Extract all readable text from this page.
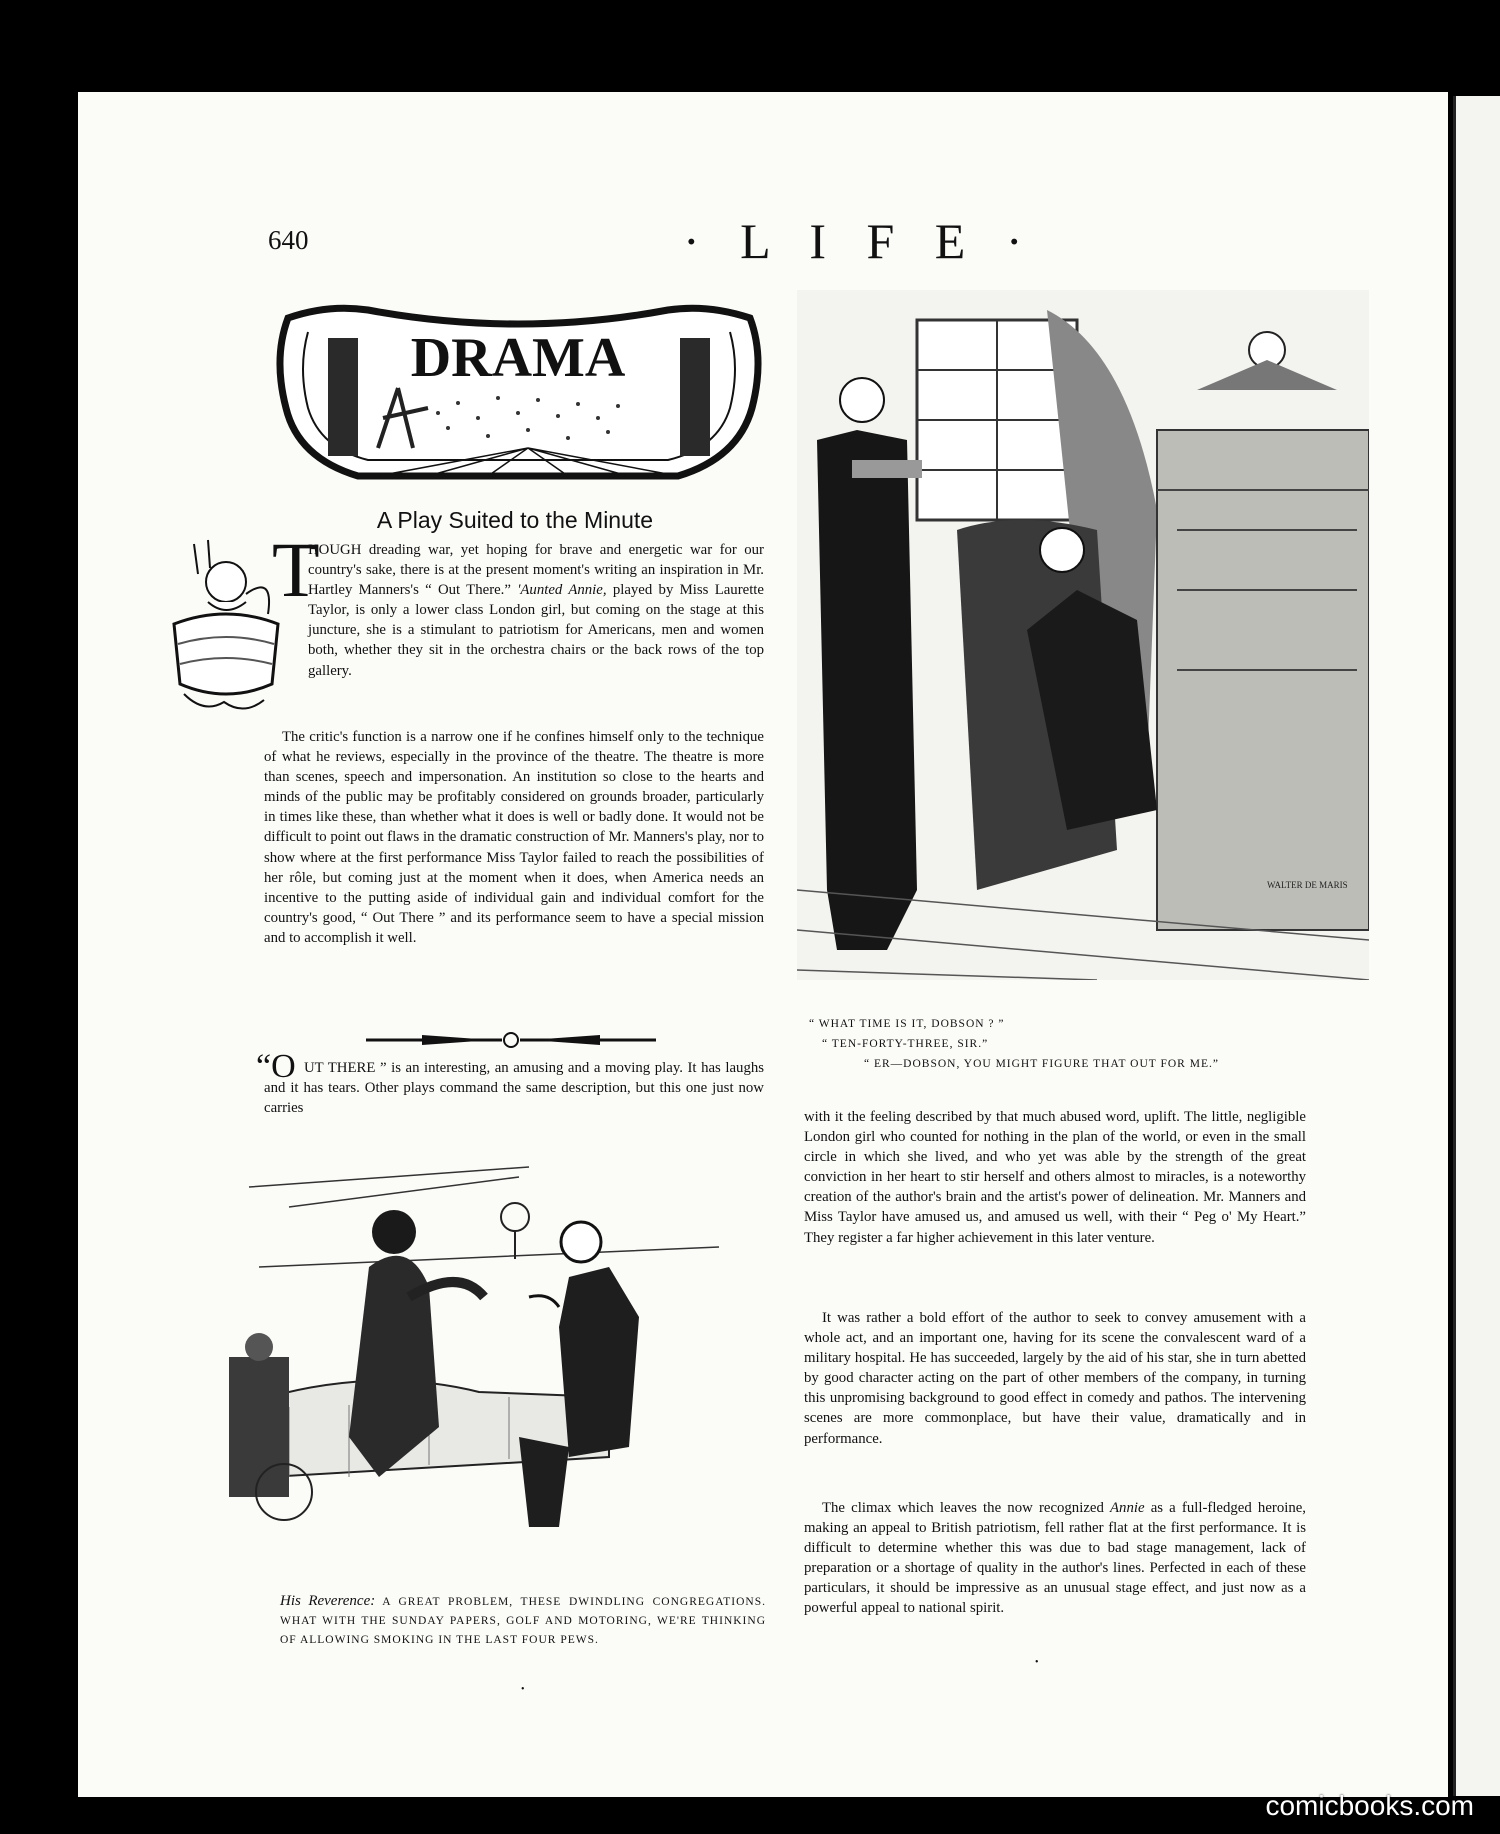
640	· L I F E ·
DRAMA
A Play Suited to the Minute
T
HOUGH dreading war, yet hoping for brave and energetic war for our country's sake, there is at the present moment's writing an inspiration in Mr. Hartley Manners's “ Out There.” 'Aunted Annie, played by Miss Laurette Taylor, is only a lower class London girl, but coming on the stage at this juncture, she is a stimulant to patriotism for Americans, men and women both, whether they sit in the orchestra chairs or the back rows of the top gallery.

The critic's function is a narrow one if he confines himself only to the technique of what he reviews, especially in the province of the theatre. The theatre is more than scenes, speech and impersonation. An institution so close to the hearts and minds of the public may be profitably considered on grounds broader, particularly in times like these, than whether what it does is well or badly done. It would not be difficult to point out flaws in the dramatic construction of Mr. Manners's play, nor to show where at the first performance Miss Taylor failed to reach the possibilities of her rôle, but coming just at the moment when it does, when America needs an incentive to the putting aside of individual gain and individual comfort for the country's good, “ Out There ” and its performance seem to have a special mission and to accomplish it well.

“O UT THERE ” is an interesting, an amusing and a moving play. It has laughs and it has tears. Other plays command the same description, but this one just now carries

His Reverence: A GREAT PROBLEM, THESE DWINDLING CONGREGATIONS. WHAT WITH THE SUNDAY PAPERS, GOLF AND MOTORING, WE'RE THINKING OF ALLOWING SMOKING IN THE LAST FOUR PEWS.
WALTER DE MARIS
“ WHAT TIME IS IT, DOBSON ? ”
“ TEN-FORTY-THREE, SIR.”
“ ER—DOBSON, YOU MIGHT FIGURE THAT OUT FOR ME.”

with it the feeling described by that much abused word, uplift. The little, negligible London girl who counted for nothing in the plan of the world, or even in the small circle in which she lived, and who yet was able by the strength of the great conviction in her heart to stir herself and others almost to miracles, is a noteworthy creation of the author's brain and the artist's power of delineation. Mr. Manners and Miss Taylor have amused us, and amused us well, with their “ Peg o' My Heart.” They register a far higher achievement in this later venture.

It was rather a bold effort of the author to seek to convey amusement with a whole act, and an important one, having for its scene the convalescent ward of a military hospital. He has succeeded, largely by the aid of his star, she in turn abetted by good character acting on the part of other members of the company, in turning this unpromising background to good effect in comedy and pathos. The intervening scenes are more commonplace, but have their value, dramatically and in performance.

The climax which leaves the now recognized Annie as a full-fledged heroine, making an appeal to British patriotism, fell rather flat at the first performance. It is difficult to determine whether this was due to bad stage management, lack of preparation or a shortage of quality in the author's lines. Perfected in each of these particulars, it should be impressive as an unusual stage effect, and just now as a powerful appeal to national spirit.

•
•
comicbooks.com
